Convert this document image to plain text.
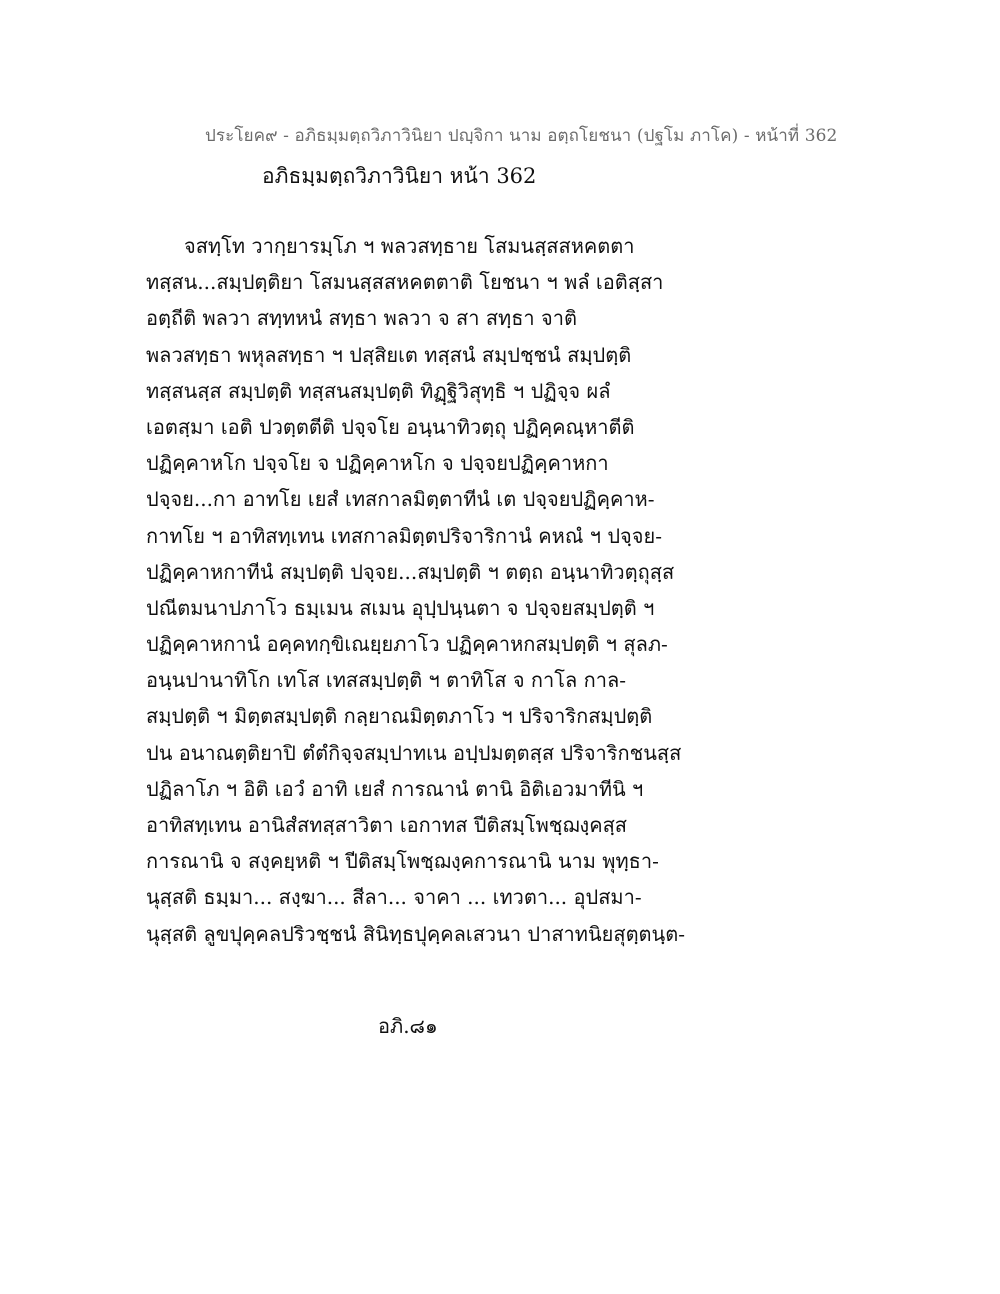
ประโยค๙ - อภิธมฺมตฺถวิภาวินิยา ปญฺจิกา นาม อตฺถโยชนา (ปฐโม ภาโค) - หน้าที่ 362
อภิธมฺมตฺถวิภาวินิยา หน้า 362
จสทฺโท วากฺยารมฺโภ ฯ พลวสทฺธาย โสมนสฺสสหคตตา
ทสฺสน...สมฺปตฺติยา โสมนสฺสสหคตตาติ โยชนา ฯ พลํ เอติสฺสา
อตฺถีติ พลวา สทฺทหนํ สทฺธา พลวา จ สา สทฺธา จาติ
พลวสทฺธา พหุลสทฺธา ฯ ปสฺสิยเต ทสฺสนํ สมฺปชฺชนํ สมฺปตฺติ
ทสฺสนสฺส สมฺปตฺติ ทสฺสนสมฺปตฺติ ทิฏฺฐิวิสุทฺธิ ฯ ปฏิจฺจ ผลํ
เอตสฺมา เอติ ปวตฺตตีติ ปจฺจโย อนฺนาทิวตฺถุ ปฏิคฺคณฺหาตีติ
ปฏิคฺคาหโก ปจฺจโย จ ปฏิคฺคาหโก จ ปจฺจยปฏิคฺคาหกา
ปจฺจย...กา อาทโย เยสํ เทสกาลมิตฺตาทีนํ เต ปจฺจยปฏิคฺคาห-
กาทโย ฯ อาทิสทฺเทน เทสกาลมิตฺตปริจาริกานํ คหณํ ฯ ปจฺจย-
ปฏิคฺคาหกาทีนํ สมฺปตฺติ ปจฺจย...สมฺปตฺติ ฯ ตตฺถ อนฺนาทิวตฺถุสฺส
ปณีตมนาปภาโว ธมฺเมน สเมน อุปฺปนฺนตา จ ปจฺจยสมฺปตฺติ ฯ
ปฏิคฺคาหกานํ อคฺคทกฺขิเณยฺยภาโว ปฏิคฺคาหกสมฺปตฺติ ฯ สุลภ-
อนฺนปานาทิโก เทโส เทสสมฺปตฺติ ฯ ตาทิโส จ กาโล กาล-
สมฺปตฺติ ฯ มิตฺตสมฺปตฺติ กลฺยาณมิตฺตภาโว ฯ ปริจาริกสมฺปตฺติ
ปน อนาณตฺติยาปิ ตํตํกิจฺจสมฺปาทเน อปฺปมตฺตสฺส ปริจาริกชนสฺส
ปฏิลาโภ ฯ อิติ เอวํ อาทิ เยสํ การณานํ ตานิ อิติเอวมาทีนิ ฯ
อาทิสทฺเทน อานิสํสทสฺสาวิตา เอกาทส ปีติสมฺโพชฺฌงฺคสฺส
การณานิ จ สงฺคยฺหติ ฯ ปีติสมฺโพชฺฌงฺคการณานิ นาม พุทฺธา-
นุสฺสติ ธมฺมา... สงฺฆา... สีลา... จาคา ... เทวตา... อุปสมา-
นุสฺสติ ลูขปุคฺคลปริวชฺชนํ สินิทฺธปุคฺคลเสวนา ปาสาทนิยสุตฺตนฺต-
อภิ.๘๑
